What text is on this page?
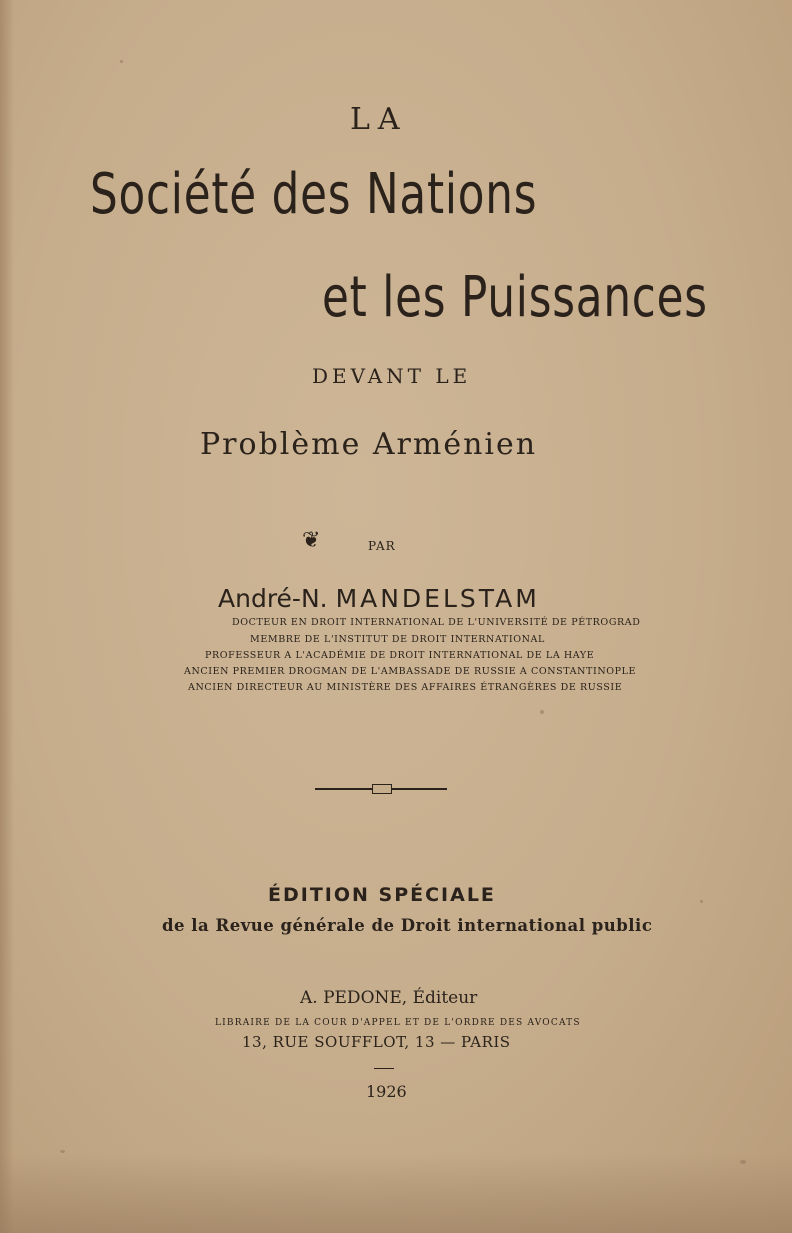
LA
Société des Nations
et les Puissances
DEVANT LE
Problème Arménien
❦	PAR
André-N. MANDELSTAM
DOCTEUR EN DROIT INTERNATIONAL DE L'UNIVERSITÉ DE PÉTROGRAD
MEMBRE DE L'INSTITUT DE DROIT INTERNATIONAL
PROFESSEUR A L'ACADÉMIE DE DROIT INTERNATIONAL DE LA HAYE
ANCIEN PREMIER DROGMAN DE L'AMBASSADE DE RUSSIE A CONSTANTINOPLE
ANCIEN DIRECTEUR AU MINISTÈRE DES AFFAIRES ÉTRANGÈRES DE RUSSIE
ÉDITION SPÉCIALE
de la Revue générale de Droit international public
A. PEDONE, Éditeur
LIBRAIRE DE LA COUR D'APPEL ET DE L'ORDRE DES AVOCATS
13, RUE SOUFFLOT, 13 — PARIS
1926
